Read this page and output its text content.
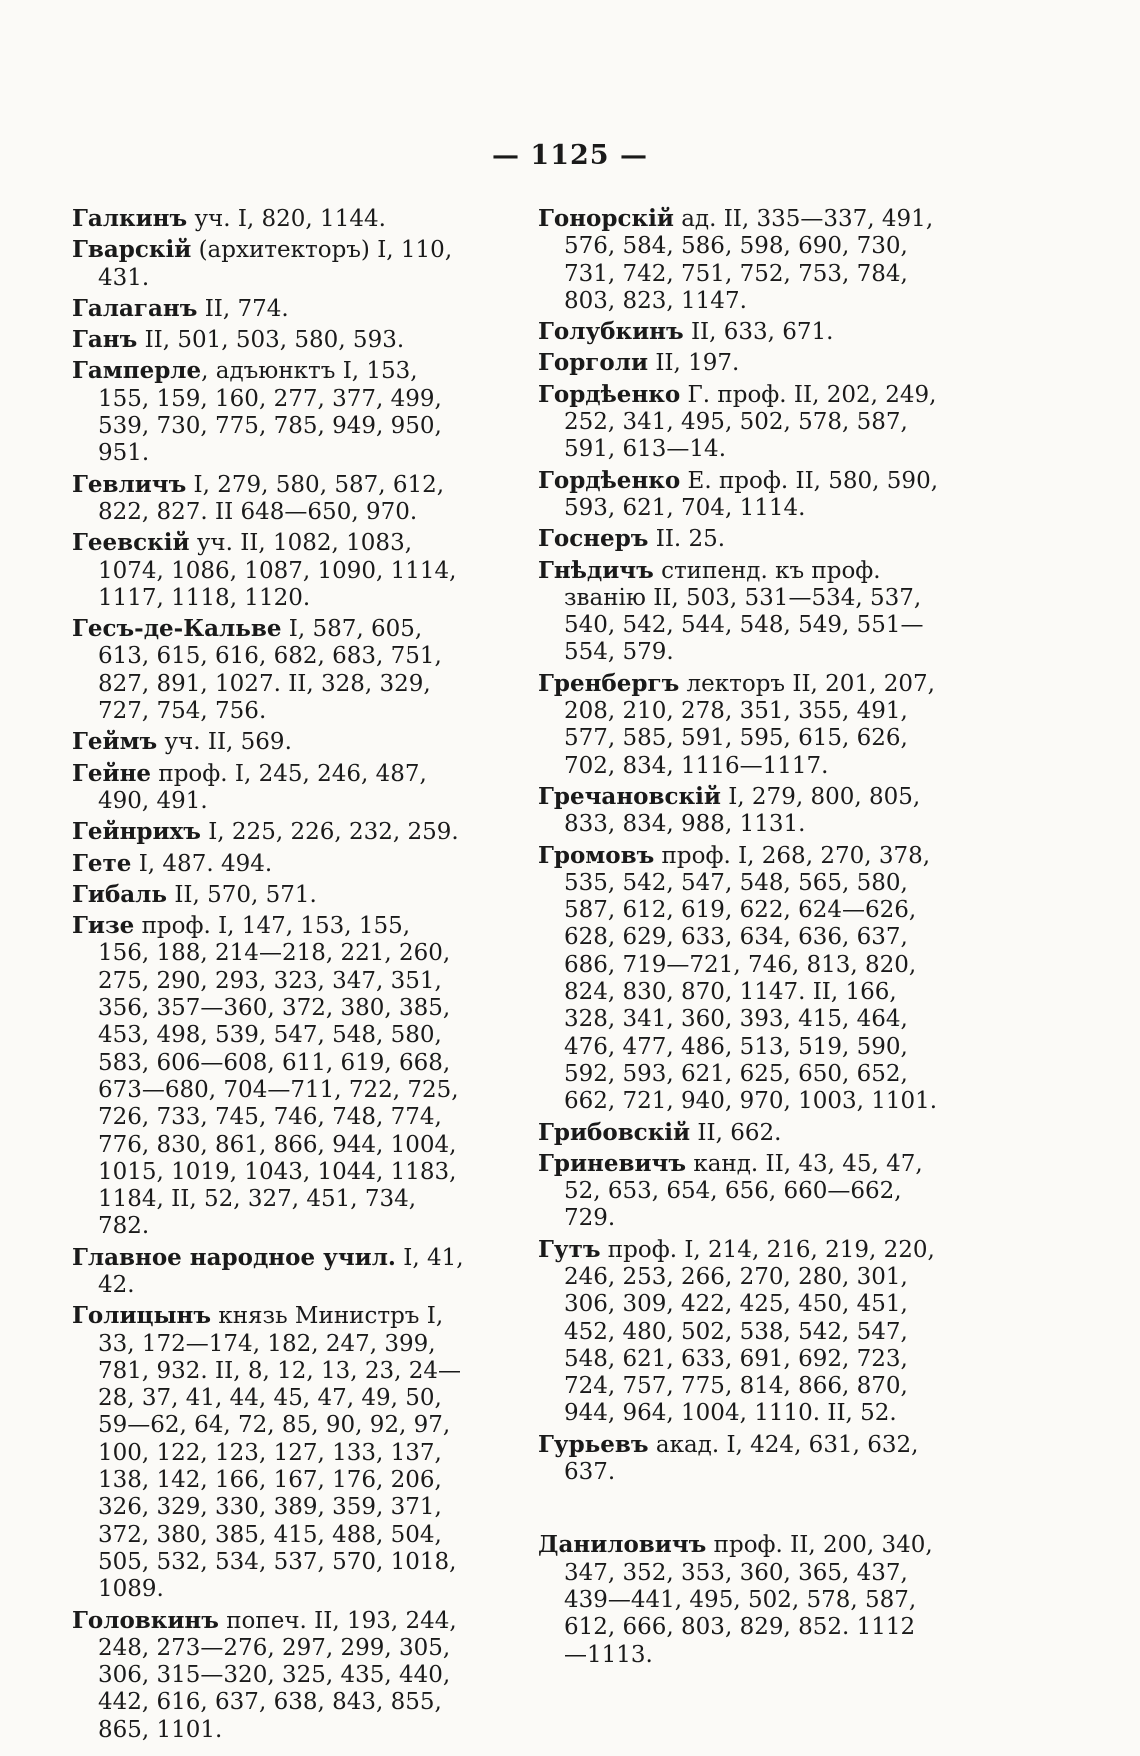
— 1125 —
Галкинъ уч. I, 820, 1144.
Гварскій (архитекторъ) I, 110, 431.
Галаганъ II, 774.
Ганъ II, 501, 503, 580, 593.
Гамперле, адъюнктъ I, 153, 155, 159, 160, 277, 377, 499, 539, 730, 775, 785, 949, 950, 951.
Гевличъ I, 279, 580, 587, 612, 822, 827. II 648—650, 970.
Геевскій уч. II, 1082, 1083, 1074, 1086, 1087, 1090, 1114, 1117, 1118, 1120.
Гесъ-де-Кальве I, 587, 605, 613, 615, 616, 682, 683, 751, 827, 891, 1027. II, 328, 329, 727, 754, 756.
Геймъ уч. II, 569.
Гейне проф. I, 245, 246, 487, 490, 491.
Гейнрихъ I, 225, 226, 232, 259.
Гете I, 487. 494.
Гибаль II, 570, 571.
Гизе проф. I, 147, 153, 155, 156, 188, 214—218, 221, 260, 275, 290, 293, 323, 347, 351, 356, 357—360, 372, 380, 385, 453, 498, 539, 547, 548, 580, 583, 606—608, 611, 619, 668, 673—680, 704—711, 722, 725, 726, 733, 745, 746, 748, 774, 776, 830, 861, 866, 944, 1004, 1015, 1019, 1043, 1044, 1183, 1184, II, 52, 327, 451, 734, 782.
Главное народное учил. I, 41, 42.
Голицынъ князь Министръ I, 33, 172—174, 182, 247, 399, 781, 932. II, 8, 12, 13, 23, 24—28, 37, 41, 44, 45, 47, 49, 50, 59—62, 64, 72, 85, 90, 92, 97, 100, 122, 123, 127, 133, 137, 138, 142, 166, 167, 176, 206, 326, 329, 330, 389, 359, 371, 372, 380, 385, 415, 488, 504, 505, 532, 534, 537, 570, 1018, 1089.
Головкинъ попеч. II, 193, 244, 248, 273—276, 297, 299, 305, 306, 315—320, 325, 435, 440, 442, 616, 637, 638, 843, 855, 865, 1101.
Гонорскій ад. II, 335—337, 491, 576, 584, 586, 598, 690, 730, 731, 742, 751, 752, 753, 784, 803, 823, 1147.
Голубкинъ II, 633, 671.
Горголи II, 197.
Гордѣенко Г. проф. II, 202, 249, 252, 341, 495, 502, 578, 587, 591, 613—14.
Гордѣенко Е. проф. II, 580, 590, 593, 621, 704, 1114.
Госнеръ II. 25.
Гнѣдичъ стипенд. къ проф. званію II, 503, 531—534, 537, 540, 542, 544, 548, 549, 551—554, 579.
Гренбергъ лекторъ II, 201, 207, 208, 210, 278, 351, 355, 491, 577, 585, 591, 595, 615, 626, 702, 834, 1116—1117.
Гречановскій I, 279, 800, 805, 833, 834, 988, 1131.
Громовъ проф. I, 268, 270, 378, 535, 542, 547, 548, 565, 580, 587, 612, 619, 622, 624—626, 628, 629, 633, 634, 636, 637, 686, 719—721, 746, 813, 820, 824, 830, 870, 1147. II, 166, 328, 341, 360, 393, 415, 464, 476, 477, 486, 513, 519, 590, 592, 593, 621, 625, 650, 652, 662, 721, 940, 970, 1003, 1101.
Грибовскій II, 662.
Гриневичъ канд. II, 43, 45, 47, 52, 653, 654, 656, 660—662, 729.
Гутъ проф. I, 214, 216, 219, 220, 246, 253, 266, 270, 280, 301, 306, 309, 422, 425, 450, 451, 452, 480, 502, 538, 542, 547, 548, 621, 633, 691, 692, 723, 724, 757, 775, 814, 866, 870, 944, 964, 1004, 1110. II, 52.
Гурьевъ акад. I, 424, 631, 632, 637.
Даниловичъ проф. II, 200, 340, 347, 352, 353, 360, 365, 437, 439—441, 495, 502, 578, 587, 612, 666, 803, 829, 852. 1112—1113.
